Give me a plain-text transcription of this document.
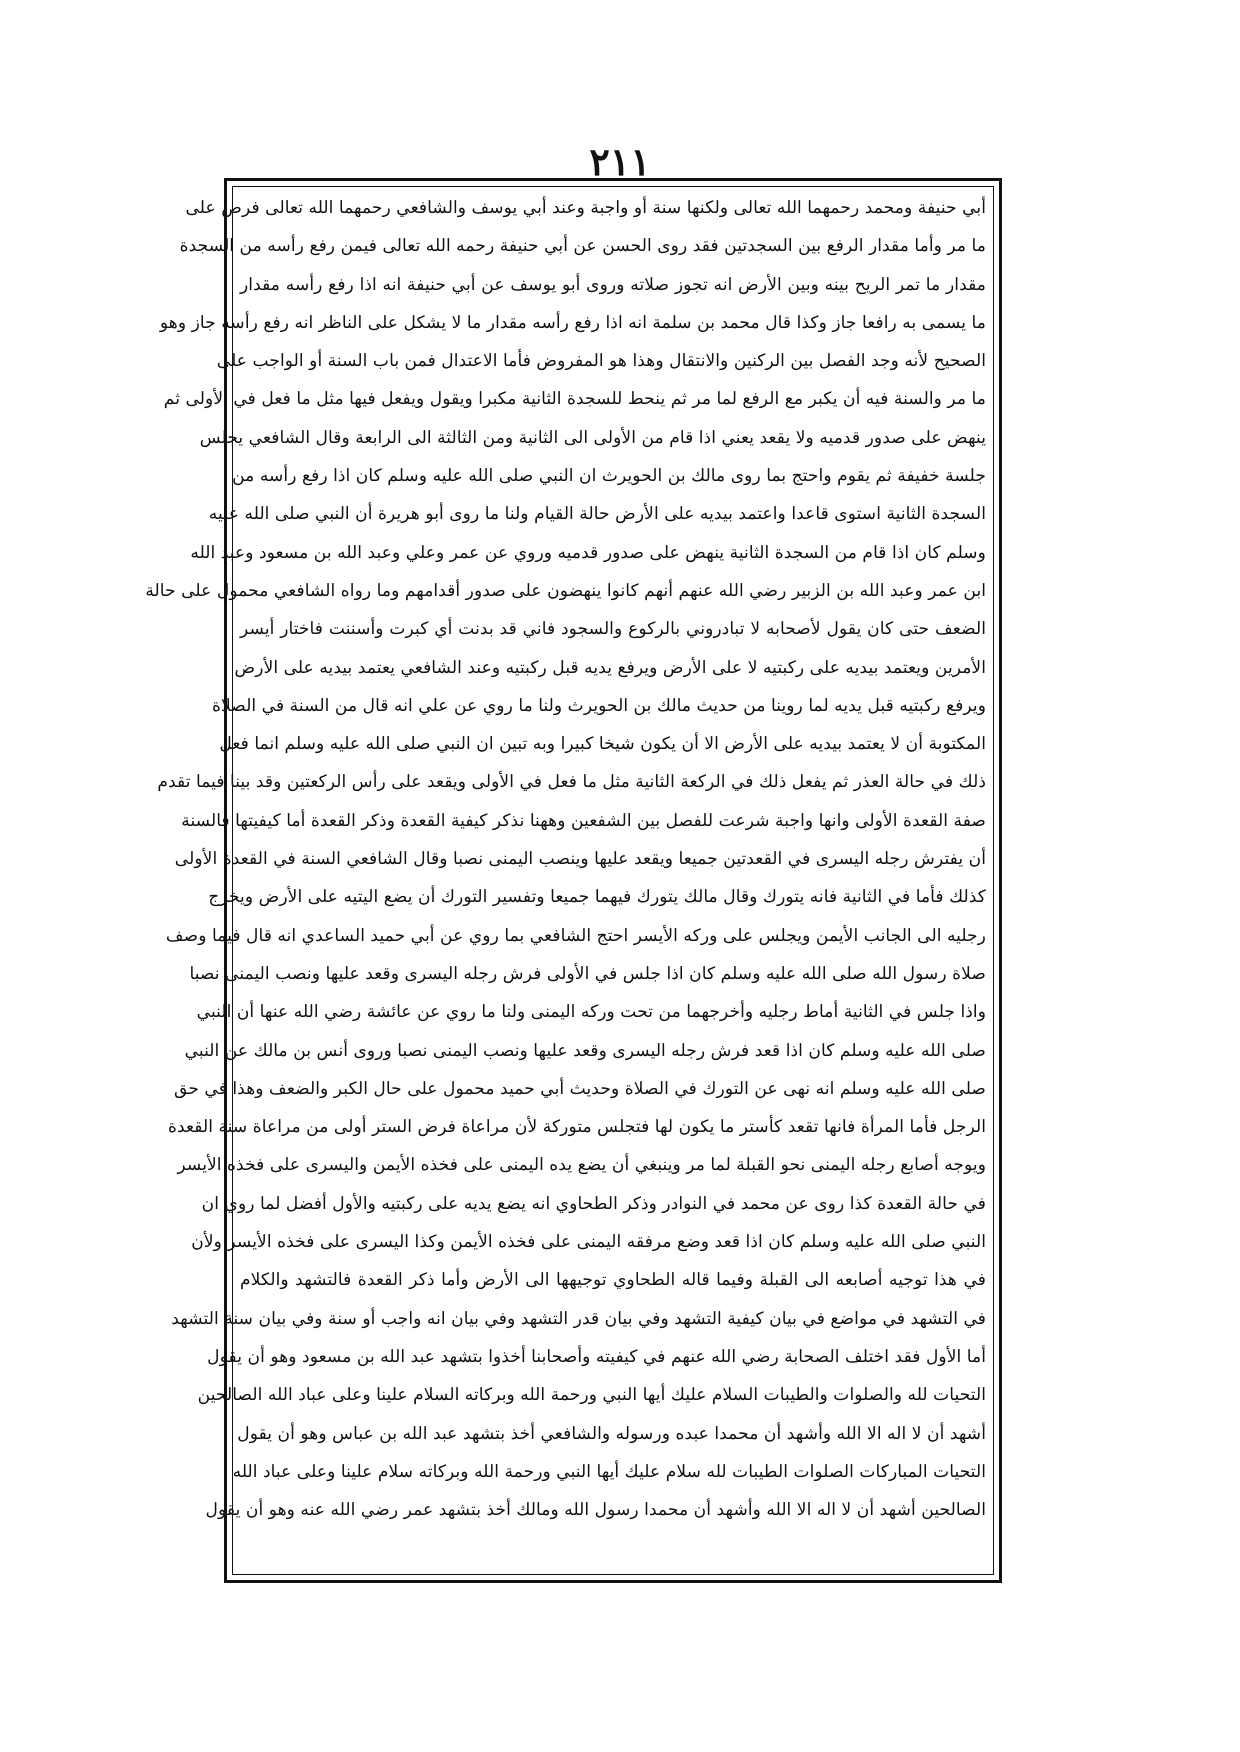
٢١١
أبي حنيفة ومحمد رحمهما الله تعالى ولكنها سنة أو واجبة وعند أبي يوسف والشافعي رحمهما الله تعالى فرض على
ما مر وأما مقدار الرفع بين السجدتين فقد روى الحسن عن أبي حنيفة رحمه الله تعالى فيمن رفع رأسه من السجدة
مقدار ما تمر الريح بينه وبين الأرض انه تجوز صلاته وروى أبو يوسف عن أبي حنيفة انه اذا رفع رأسه مقدار
ما يسمى به رافعا جاز وكذا قال محمد بن سلمة انه اذا رفع رأسه مقدار ما لا يشكل على الناظر انه رفع رأسه جاز وهو
الصحيح لأنه وجد الفصل بين الركنين والانتقال وهذا هو المفروض فأما الاعتدال فمن باب السنة أو الواجب على
ما مر والسنة فيه أن يكبر مع الرفع لما مر ثم ينحط للسجدة الثانية مكبرا ويقول ويفعل فيها مثل ما فعل في الأولى ثم
ينهض على صدور قدميه ولا يقعد يعني اذا قام من الأولى الى الثانية ومن الثالثة الى الرابعة وقال الشافعي يجلس
جلسة خفيفة ثم يقوم واحتج بما روى مالك بن الحويرث ان النبي صلى الله عليه وسلم كان اذا رفع رأسه من
السجدة الثانية استوى قاعدا واعتمد بيديه على الأرض حالة القيام ولنا ما روى أبو هريرة أن النبي صلى الله عليه
وسلم كان اذا قام من السجدة الثانية ينهض على صدور قدميه وروي عن عمر وعلي وعبد الله بن مسعود وعبد الله
ابن عمر وعبد الله بن الزبير رضي الله عنهم أنهم كانوا ينهضون على صدور أقدامهم وما رواه الشافعي محمول على حالة
الضعف حتى كان يقول لأصحابه لا تبادروني بالركوع والسجود فاني قد بدنت أي كبرت وأسننت فاختار أيسر
الأمرين ويعتمد بيديه على ركبتيه لا على الأرض ويرفع يديه قبل ركبتيه وعند الشافعي يعتمد بيديه على الأرض
ويرفع ركبتيه قبل يديه لما روينا من حديث مالك بن الحويرث ولنا ما روي عن علي انه قال من السنة في الصلاة
المكتوبة أن لا يعتمد بيديه على الأرض الا أن يكون شيخا كبيرا وبه تبين ان النبي صلى الله عليه وسلم انما فعل
ذلك في حالة العذر ثم يفعل ذلك في الركعة الثانية مثل ما فعل في الأولى ويقعد على رأس الركعتين وقد بينا فيما تقدم
صفة القعدة الأولى وانها واجبة شرعت للفصل بين الشفعين وههنا نذكر كيفية القعدة وذكر القعدة أما كيفيتها فالسنة
أن يفترش رجله اليسرى في القعدتين جميعا ويقعد عليها وينصب اليمنى نصبا وقال الشافعي السنة في القعدة الأولى
كذلك فأما في الثانية فانه يتورك وقال مالك يتورك فيهما جميعا وتفسير التورك أن يضع اليتيه على الأرض ويخرج
رجليه الى الجانب الأيمن ويجلس على وركه الأيسر احتج الشافعي بما روي عن أبي حميد الساعدي انه قال فيما وصف
صلاة رسول الله صلى الله عليه وسلم كان اذا جلس في الأولى فرش رجله اليسرى وقعد عليها ونصب اليمنى نصبا
واذا جلس في الثانية أماط رجليه وأخرجهما من تحت وركه اليمنى ولنا ما روي عن عائشة رضي الله عنها أن النبي
صلى الله عليه وسلم كان اذا قعد فرش رجله اليسرى وقعد عليها ونصب اليمنى نصبا وروى أنس بن مالك عن النبي
صلى الله عليه وسلم انه نهى عن التورك في الصلاة وحديث أبي حميد محمول على حال الكبر والضعف وهذا في حق
الرجل فأما المرأة فانها تقعد كأستر ما يكون لها فتجلس متوركة لأن مراعاة فرض الستر أولى من مراعاة سنة القعدة
ويوجه أصابع رجله اليمنى نحو القبلة لما مر وينبغي أن يضع يده اليمنى على فخذه الأيمن واليسرى على فخذه الأيسر
في حالة القعدة كذا روى عن محمد في النوادر وذكر الطحاوي انه يضع يديه على ركبتيه والأول أفضل لما روي ان
النبي صلى الله عليه وسلم كان اذا قعد وضع مرفقه اليمنى على فخذه الأيمن وكذا اليسرى على فخذه الأيسر ولأن
في هذا توجيه أصابعه الى القبلة وفيما قاله الطحاوي توجيهها الى الأرض وأما ذكر القعدة فالتشهد والكلام
في التشهد في مواضع في بيان كيفية التشهد وفي بيان قدر التشهد وفي بيان انه واجب أو سنة وفي بيان سنة التشهد
أما الأول فقد اختلف الصحابة رضي الله عنهم في كيفيته وأصحابنا أخذوا بتشهد عبد الله بن مسعود وهو أن يقول
التحيات لله والصلوات والطيبات السلام عليك أيها النبي ورحمة الله وبركاته السلام علينا وعلى عباد الله الصالحين
أشهد أن لا اله الا الله وأشهد أن محمدا عبده ورسوله والشافعي أخذ بتشهد عبد الله بن عباس وهو أن يقول
التحيات المباركات الصلوات الطيبات لله سلام عليك أيها النبي ورحمة الله وبركاته سلام علينا وعلى عباد الله
الصالحين أشهد أن لا اله الا الله وأشهد أن محمدا رسول الله ومالك أخذ بتشهد عمر رضي الله عنه وهو أن يقول
